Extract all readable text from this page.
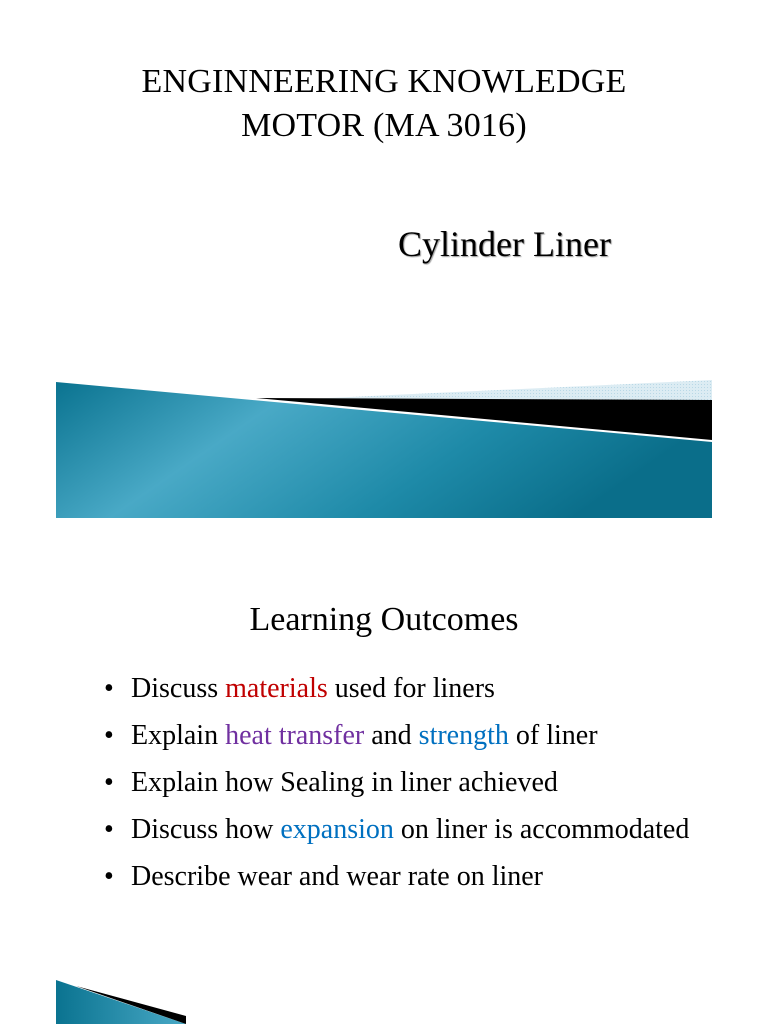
ENGINNEERING KNOWLEDGE
MOTOR (MA 3016)
Cylinder Liner
Learning Outcomes
• Discuss materials used for liners
• Explain heat transfer and strength of liner
• Explain how Sealing in liner achieved
• Discuss how expansion on liner is accommodated
• Describe wear and wear rate on liner
